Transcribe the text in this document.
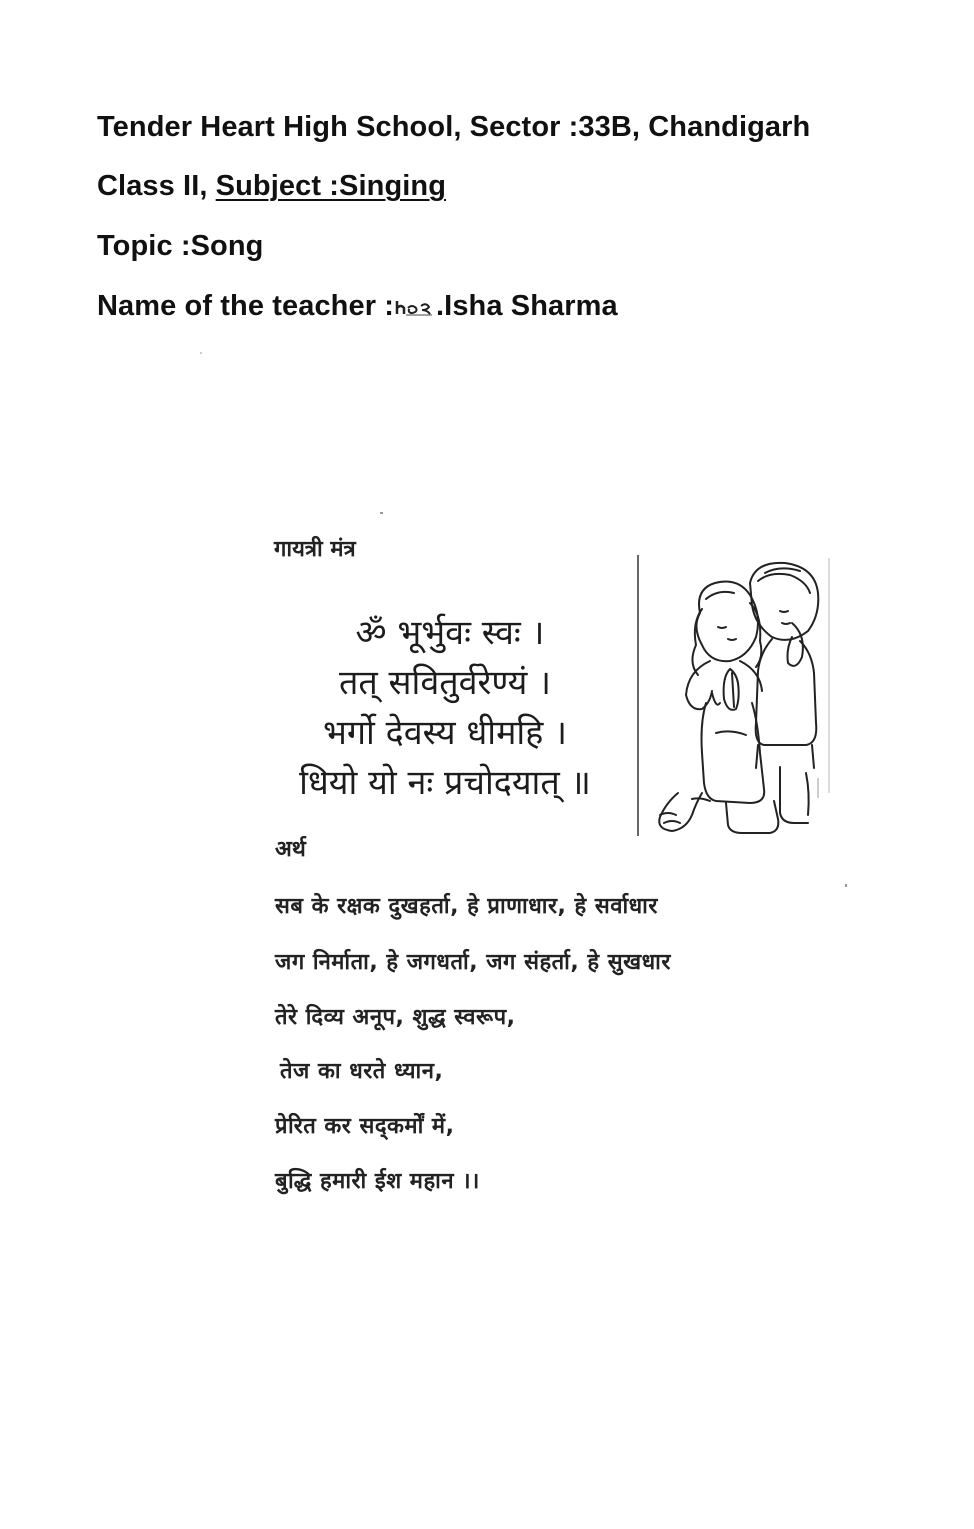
Tender Heart High School, Sector :33B, Chandigarh
Class II, Subject :Singing
Topic :Song
Name of the teacher : .Isha Sharma
गायत्री मंत्र
ॐ भूर्भुवः स्वः ।
तत् सवितुर्वरेण्यं ।
भर्गो देवस्य धीमहि ।
धियो यो नः प्रचोदयात् ॥
अर्थ
सब के रक्षक दुखहर्ता, हे प्राणाधार, हे सर्वाधार
जग निर्माता, हे जगधर्ता, जग संहर्ता, हे सुखधार
तेरे दिव्य अनूप, शुद्ध स्वरूप,
तेज का धरते ध्यान,
प्रेरित कर सद्कर्मों में,
बुद्धि हमारी ईश महान ।।
